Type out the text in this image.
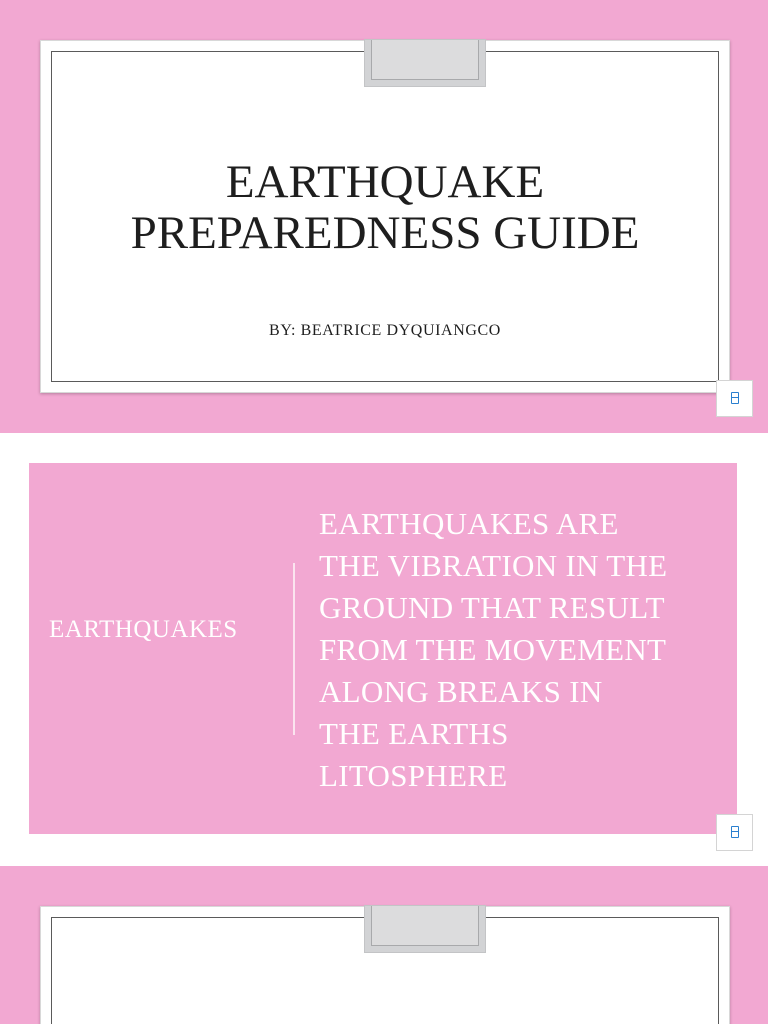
EARTHQUAKE
PREPAREDNESS GUIDE
BY: BEATRICE DYQUIANGCO
EARTHQUAKES
EARTHQUAKES ARE
THE VIBRATION IN THE
GROUND THAT RESULT
FROM THE MOVEMENT
ALONG BREAKS IN
THE EARTHS
LITOSPHERE
